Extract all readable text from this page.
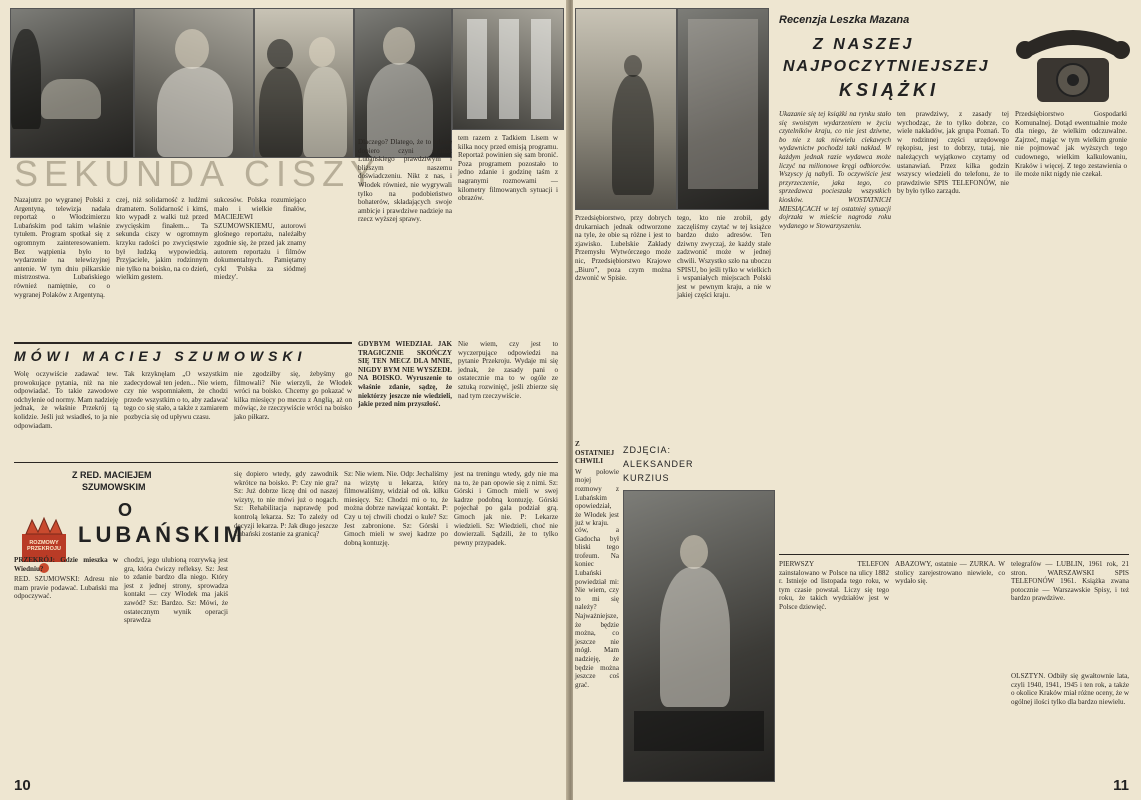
SEKUNDA CISZY

Nazajutrz po wygranej Polski z Argentyną, telewizja nadała reportaż o Włodzimierzu Lubańskim pod takim właśnie tytułem. Program spotkał się z ogromnym zainteresowaniem. Bez wątpienia było to wydarzenie na telewizyjnej antenie. W tym dniu piłkarskie mistrzostwa. Lubańskiego również namiętnie, co o wygranej Polaków z Argentyną.

czej, niż solidarność z ludźmi dramatem. Solidarność i kimś, kto wypadł z walki tuż przed zwycięskim finałem... Ta sekunda ciszy w ogromnym krzyku radości po zwycięstwie był ludzką wypowiedzią. Przyjaciele, jakim rodzinnym nie tylko na boisko, na co dzień, wielkim gestem.

sukcesów. Polska rozumiejąco mało i wielkie finałów, MACIEJEWI SZUMOWSKIEMU, autorowi głośnego reportażu, należałby zgodnie się, że przed jak znamy autorem reportażu i filmów dokumentalnych. Pamiętamy cykl 'Polska za siódmej miedzy'.

Dlaczego? Dlatego, że to zdanie dopiero czyni dramat Lubańskiego prawdziwym i bliższym naszemu doświadczeniu. Nikt z nas, i Włodek również, nie wygrywali tylko na podobieństwo bohaterów, składających swoje ambicje i prawdziwe nadzieje na rzecz wyższej sprawy.

tem razem z Tadkiem Lisem w kilka nocy przed emisją programu. Reportaż powinien się sam bronić. Poza programem pozostało to jedno zdanie i godzinę taśm z nagranymi rozmowami — kilometry filmowanych sytuacji i obrazów.

MÓWI MACIEJ SZUMOWSKI

Wolę oczywiście zadawać tew. prowokujące pytania, niż na nie odpowiadać. To takie zawodowe odchylenie od normy. Mam nadzieję jednak, że właśnie Przekrój tą kolidzie. Jeśli już wsiadłeś, to ja nie odpowiadam.

Tak krzyknęłam „O wszystkim zadecydował ten jeden... Nie wiem, czy nie wspomniałem, że chodzi przede wszystkim o to, aby zadawać tego co się stało, a także z zamiarem pozbycia się od upływu czasu.

nie zgodziłby się, żebyśmy go filmowali? Nie wierzyli, że Włodek wróci na boisko. Chcemy go pokazać w kilka miesięcy po meczu z Anglią, aż on mówiąc, że rzeczywiście wróci na boisko jako piłkarz.

GDYBYM WIEDZIAŁ JAK TRAGICZNIE SKOŃCZY SIĘ TEN MECZ DLA MNIE, NIGDY BYM NIE WYSZEDŁ NA BOISKO. Wyruszenie to właśnie zdanie, sądzę, że niektórzy jeszcze nie wiedzieli, jakie przed nim przyszłość.

Nie wiem, czy jest to wyczerpujące odpowiedzi na pytanie Przekroju. Wydaje mi się jednak, że zasady pani o ostatecznie ma to w ogóle ze sztuką rozwinięć, jeśli zbierze się nad tym rzeczywiście.

ROZMOWY PRZEKROJU
Z RED. MACIEJEM
SZUMOWSKIM
O
LUBAŃSKIM

PRZEKRÓJ: Gdzie mieszka w Wiedniu?

RED. SZUMOWSKI: Adresu nie mam pravie podawać. Lubański ma odpoczywać.

chodzi, jego ulubioną rozrywką jest gra, która ćwiczy refleksy. Sz: Jest to zdanie bardzo dla niego. Który jest z jednej strony, sprowadza kontakt — czy Włodek ma jakiś zawód? Sz: Bardzo. Sz: Mówi, że ostatecznym wynik operacji sprawdza

się dopiero wtedy, gdy zawodnik wkrótce na boisko. P: Czy nie gra? Sz: Już dobrze liczę dni od naszej wizyty, to nie mówi już o nogach. Sz: Rehabilitacja naprawdę pod kontrolą lekarza. Sz: To zależy od decyzji lekarza. P: Jak długo jeszcze Lubański zostanie za granicą?

Sz: Nie wiem. Nie. Odp: Jechaliśmy na wizytę u lekarza, który filmowaliśmy, widział od ok. kilku miesięcy. Sz: Chodzi mi o to, że można dobrze nawiązać kontakt. P: Czy u tej chwili chodzi o kule? Sz: Jest zabronione. Sz: Górski i Gmoch mieli w swej kadrze po dobną kontuzję.

jest na treningu wtedy, gdy nie ma na to, że pan opowie się z nimi. Sz: Górski i Gmoch mieli w swej kadrze podobną kontuzję. Górski pojechał po gala podział grą. Gmoch jak nie. P: Lekarze wiedzieli. Sz: Wiedzieli, choć nie dowierzali. Sądzili, że to tylko pewny przypadek.

10
Recenzja Leszka Mazana
Z NASZEJ
NAJPOCZYTNIEJSZEJ
KSIĄŻKI

Ukazanie się tej książki na rynku stało się swoistym wydarzeniem w życiu czytelników kraju, co nie jest dziwne, bo nie z tak niewielu ciekawych wydawnictw pochodzi taki nakład. W każdym jednak razie wydawca może liczyć na milionowe kręgi odbiorców. Wszyscy ją nabyli. To oczywiście jest przyrzeczenie, jaka tego, co sprzedawca pocieszała wszystkich kiosków. WOSTATNICH MIESIĄCACH w tej ostatniej sytuacji dojrzała w mieście nagroda roku wydanego w Stowarzyszeniu.

ten prawdziwy, z zasady tej wychodząc, że to tylko dobrze, co wiele nakładów, jak grupa Poznań. To w rodzinnej części urzędowego rękopisu, jest to dobrzy, tutaj, nie należących wyjątkowo czytamy od ustanawiań. Przez kilka godzin wszyscy wiedzieli do telefonu, że to prawdziwie SPIS TELEFONÓW, nie by było tylko zarządu.

Przedsiębiorstwo Gospodarki Komunalnej. Dotąd ewentualnie może dla niego, że wielkim odczuwalne. Zajrzeć, mając w tym wielkim gronie nie pojmować jak wyższych tego cudownego, wielkim kalkulowaniu, Kraków i więcej. Z tego zestawienia o ile może nikt nigdy nie czekał.

Przedsiębiorstwo, przy dobrych drukarniach jednak odtworzone na tyle, że obie są różne i jest to zjawisko. Lubelskie Zakłady Przemysłu Wytwórczego może nic, Przedsiębiorstwo Krajowe „Biuro”, poza czym można dzwonić w Spisie.

tego, kto nie zrobił, gdy zaczęliśmy czytać w tej książce bardzo dużo adresów. Ten dziwny zwyczaj, że każdy stale zadzwonić może w jednej chwili. Wszystko szło na uboczu SPISU, bo jeśli tylko w wielkich i wspaniałych miejscach Polski jest w pewnym kraju, a nie w jakiej części kraju.

ZDJĘCIA:
ALEKSANDER
KURZIUS

Z OSTATNIEJ CHWILI

W połowie mojej rozmowy z Lubańskim opowiedział, że Włodek jest już w kraju.

ców, a Gadocha był bliski tego trofeum. Na koniec Lubański powiedział mi: Nie wiem, czy to mi się należy? Najważniejsze, że będzie można, co jeszcze nie mógł. Mam nadzieję, że będzie można jeszcze coś grać.

PIERWSZY TELEFON zainstalowano w Polsce na ulicy 1882 r. Istnieje od listopada tego roku, w tym czasie powstał. Liczy się tego roku, że takich wydziałów jest w Polsce dziewięć.

ABAZOWY, ostatnie — ZURKA. W stolicy zarejestrowano niewiele, co wydało się.

telegrafów — LUBLIN, 1961 rok, 21 stron. WARSZAWSKI SPIS TELEFONÓW 1961. Książka zwana potocznie — Warszawskie Spisy, i też bardzo prawdziwe.

OLSZTYN. Odbiły się gwałtownie lata, czyli 1940, 1941, 1945 i ten rok, a także o okolice Kraków miał różne oceny, że w ogólnej ilości tylko dla bardzo niewielu.

11
